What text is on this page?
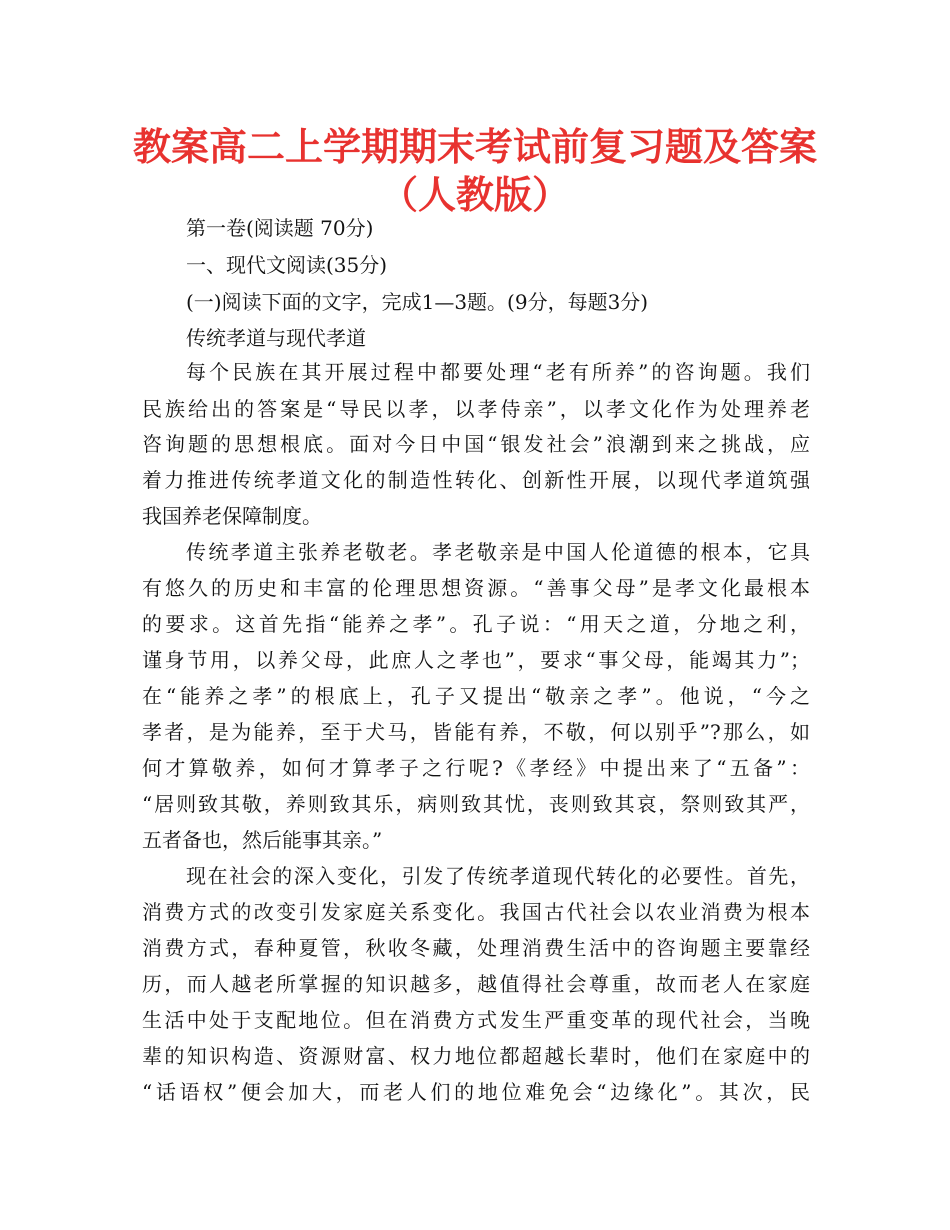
教案高二上学期期末考试前复习题及答案
（人教版）

第一卷(阅读题 70分)

一、现代文阅读(35分)

(一)阅读下面的文字，完成1—3题。(9分，每题3分)

传统孝道与现代孝道

每个民族在其开展过程中都要处理“老有所养”的咨询题。我们

民族给出的答案是“导民以孝，以孝侍亲”，以孝文化作为处理养老

咨询题的思想根底。面对今日中国“银发社会”浪潮到来之挑战，应

着力推进传统孝道文化的制造性转化、创新性开展，以现代孝道筑强

我国养老保障制度。

传统孝道主张养老敬老。孝老敬亲是中国人伦道德的根本，它具

有悠久的历史和丰富的伦理思想资源。“善事父母”是孝文化最根本

的要求。这首先指“能养之孝”。孔子说：“用天之道，分地之利，

谨身节用，以养父母，此庶人之孝也”，要求“事父母，能竭其力”；

在“能养之孝”的根底上，孔子又提出“敬亲之孝”。他说，“今之

孝者，是为能养，至于犬马，皆能有养，不敬，何以别乎”?那么，如

何才算敬养，如何才算孝子之行呢?《孝经》中提出来了“五备”：

“居则致其敬，养则致其乐，病则致其忧，丧则致其哀，祭则致其严，

五者备也，然后能事其亲。”

现在社会的深入变化，引发了传统孝道现代转化的必要性。首先，

消费方式的改变引发家庭关系变化。我国古代社会以农业消费为根本

消费方式，春种夏管，秋收冬藏，处理消费生活中的咨询题主要靠经

历，而人越老所掌握的知识越多，越值得社会尊重，故而老人在家庭

生活中处于支配地位。但在消费方式发生严重变革的现代社会，当晚

辈的知识构造、资源财富、权力地位都超越长辈时，他们在家庭中的

“话语权”便会加大，而老人们的地位难免会“边缘化”。其次，民
